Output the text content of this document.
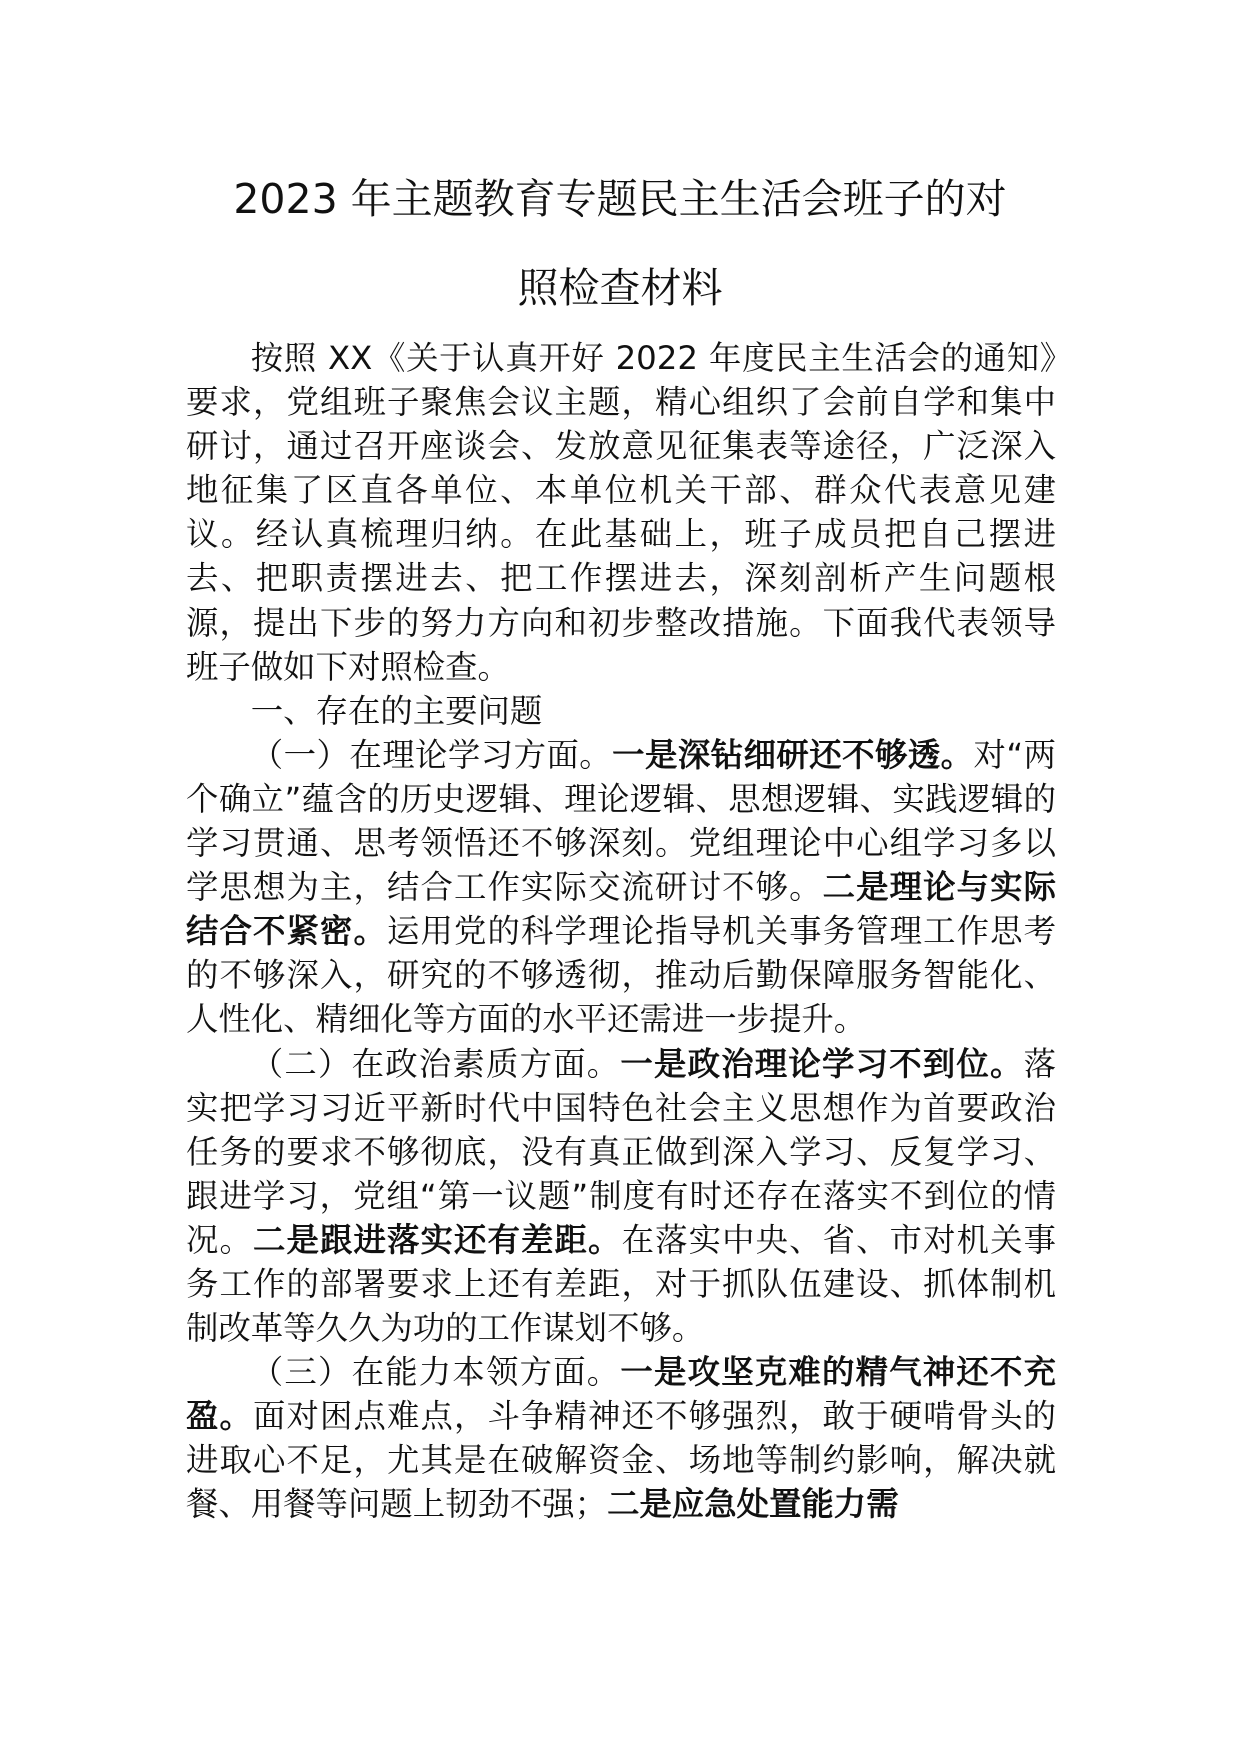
2023 年主题教育专题民主生活会班子的对
照检查材料

按照 XX《关于认真开好 2022 年度民主生活会的通知》要求，党组班子聚焦会议主题，精心组织了会前自学和集中研讨，通过召开座谈会、发放意见征集表等途径，广泛深入地征集了区直各单位、本单位机关干部、群众代表意见建议。经认真梳理归纳。在此基础上，班子成员把自己摆进去、把职责摆进去、把工作摆进去，深刻剖析产生问题根源，提出下步的努力方向和初步整改措施。下面我代表领导班子做如下对照检查。

一、存在的主要问题

（一）在理论学习方面。一是深钻细研还不够透。对“两个确立”蕴含的历史逻辑、理论逻辑、思想逻辑、实践逻辑的学习贯通、思考领悟还不够深刻。党组理论中心组学习多以学思想为主，结合工作实际交流研讨不够。二是理论与实际结合不紧密。运用党的科学理论指导机关事务管理工作思考的不够深入，研究的不够透彻，推动后勤保障服务智能化、人性化、精细化等方面的水平还需进一步提升。

（二）在政治素质方面。一是政治理论学习不到位。落实把学习习近平新时代中国特色社会主义思想作为首要政治任务的要求不够彻底，没有真正做到深入学习、反复学习、跟进学习，党组“第一议题”制度有时还存在落实不到位的情况。二是跟进落实还有差距。在落实中央、省、市对机关事务工作的部署要求上还有差距，对于抓队伍建设、抓体制机制改革等久久为功的工作谋划不够。

（三）在能力本领方面。一是攻坚克难的精气神还不充盈。面对困点难点，斗争精神还不够强烈，敢于硬啃骨头的进取心不足，尤其是在破解资金、场地等制约影响，解决就餐、用餐等问题上韧劲不强；二是应急处置能力需
